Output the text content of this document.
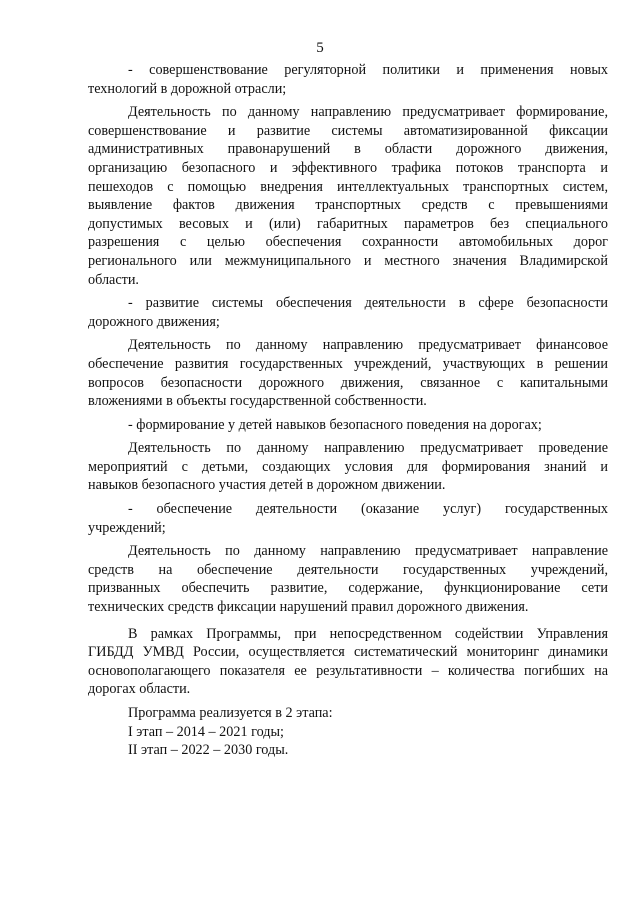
5
- совершенствование регуляторной политики и применения новых
технологий в дорожной отрасли;
Деятельность по данному направлению предусматривает формирование,
совершенствование и развитие системы автоматизированной фиксации
административных правонарушений в области дорожного движения,
организацию безопасного и эффективного трафика потоков транспорта и
пешеходов с помощью внедрения интеллектуальных транспортных систем,
выявление фактов движения транспортных средств с превышениями
допустимых весовых и (или) габаритных параметров без специального
разрешения с целью обеспечения сохранности автомобильных дорог
регионального или межмуниципального и местного значения Владимирской
области.
- развитие системы обеспечения деятельности в сфере безопасности
дорожного движения;
Деятельность по данному направлению предусматривает финансовое
обеспечение развития государственных учреждений, участвующих в решении
вопросов безопасности дорожного движения, связанное с капитальными
вложениями в объекты государственной собственности.
- формирование у детей навыков безопасного поведения на дорогах;
Деятельность по данному направлению предусматривает проведение
мероприятий с детьми, создающих условия для формирования знаний и
навыков безопасного участия детей в дорожном движении.
- обеспечение деятельности (оказание услуг) государственных
учреждений;
Деятельность по данному направлению предусматривает направление
средств на обеспечение деятельности государственных учреждений,
призванных обеспечить развитие, содержание, функционирование сети
технических средств фиксации нарушений правил дорожного движения.
В рамках Программы, при непосредственном содействии Управления
ГИБДД УМВД России, осуществляется систематический мониторинг динамики
основополагающего показателя ее результативности – количества погибших на
дорогах области.
Программа реализуется в 2 этапа:
I этап – 2014 – 2021 годы;
II этап – 2022 – 2030 годы.
